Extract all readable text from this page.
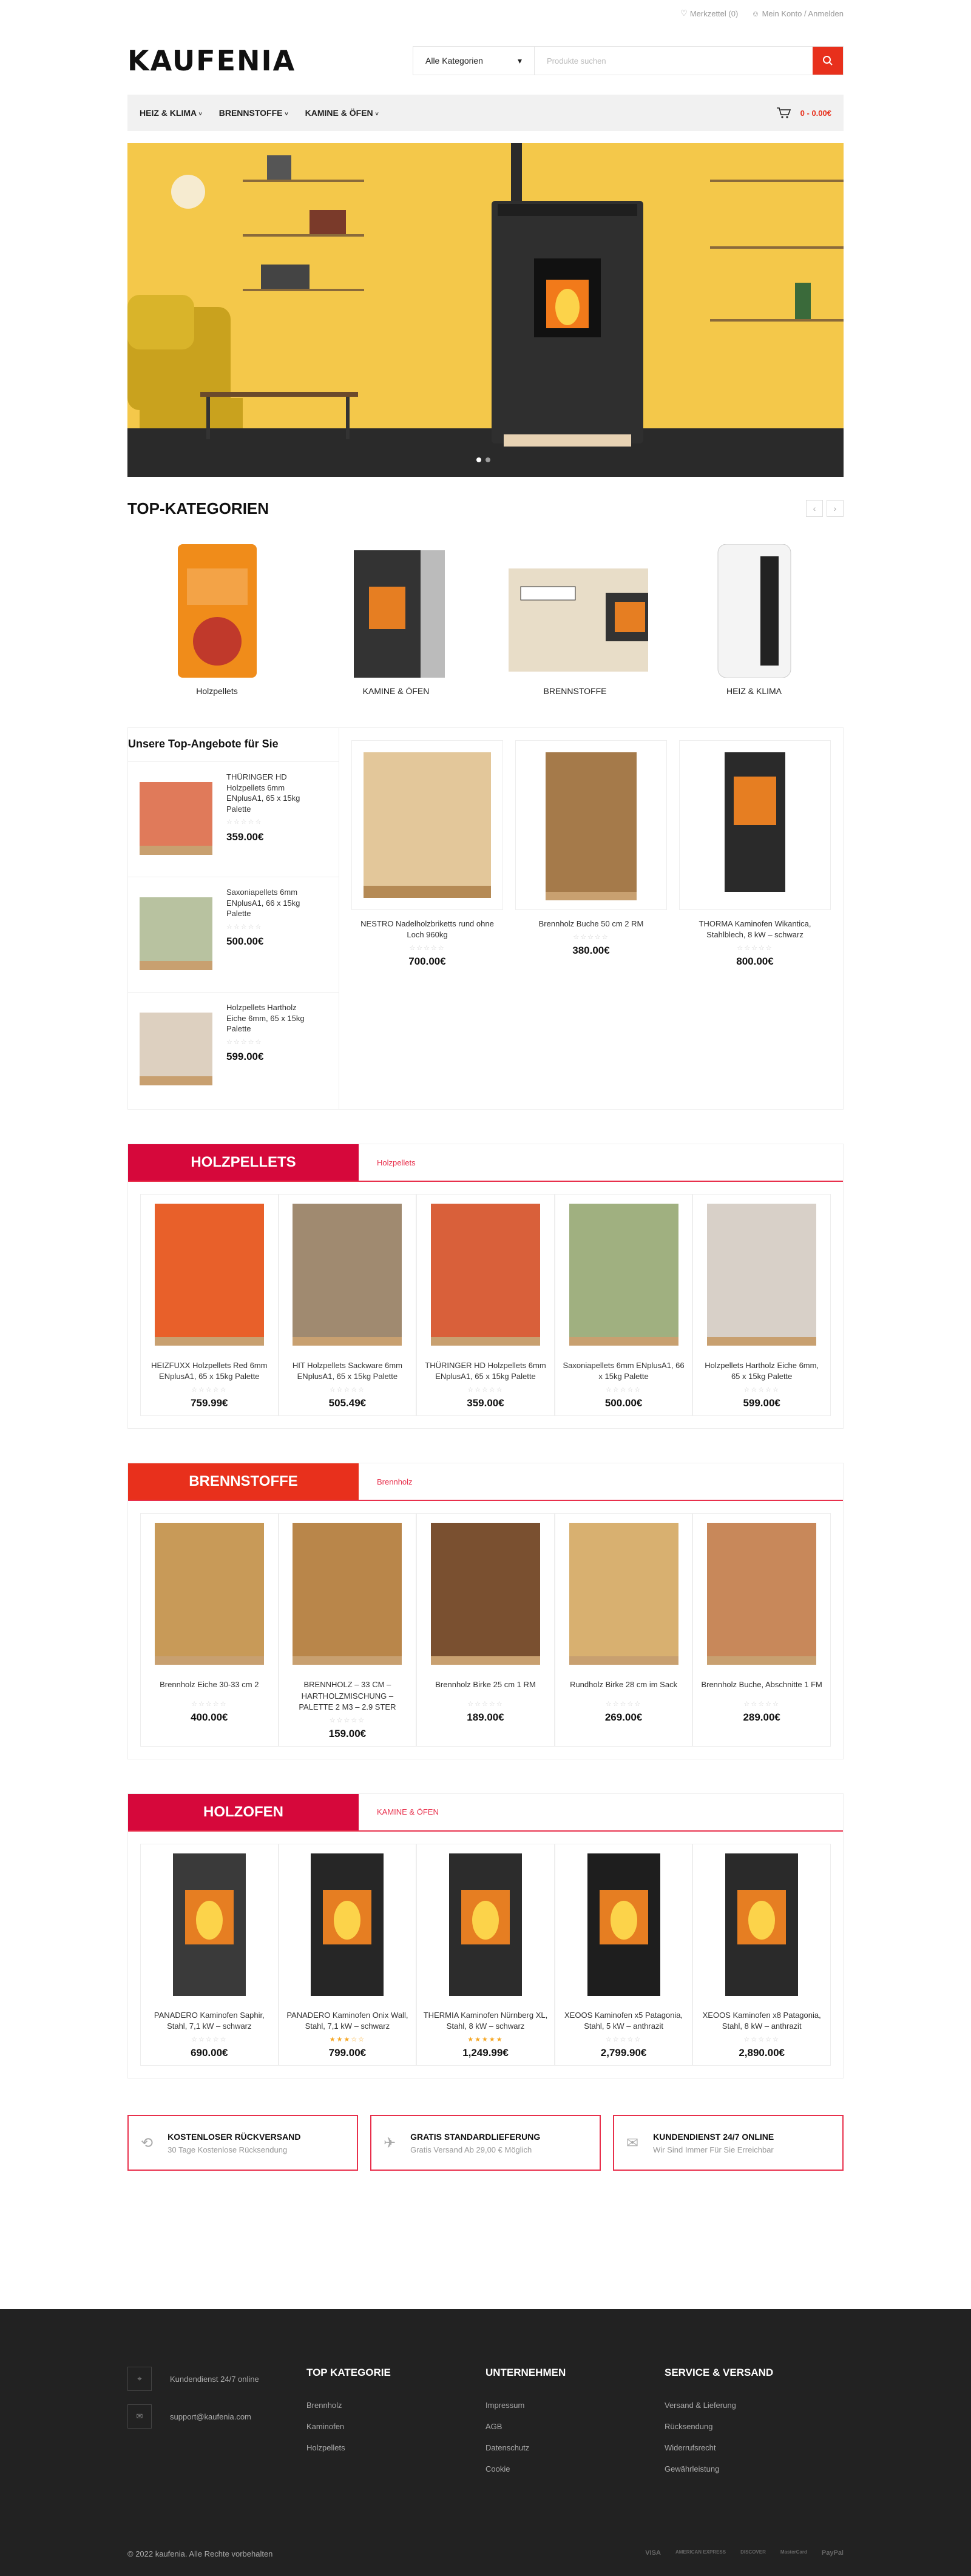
♡ Merkzettel (0) ☺ Mein Konto / Anmelden
KAUFENIA	Alle Kategorien	▾	Produkte suchen
HEIZ & KLIMA ˅ BRENNSTOFFE ˅ KAMINE & ÖFEN ˅	0 - 0.00€
TOP-KATEGORIEN	‹	›
Holzpellets	KAMINE & ÖFEN	BRENNSTOFFE	HEIZ & KLIMA
Unsere Top-Angebote für Sie
THÜRINGER HD Holzpellets 6mm ENplusA1, 65 x 15kg Palette
☆☆☆☆☆
359.00€
Saxoniapellets 6mm ENplusA1, 66 x 15kg Palette
☆☆☆☆☆
500.00€
Holzpellets Hartholz Eiche 6mm, 65 x 15kg Palette
☆☆☆☆☆
599.00€
NESTRO Nadelholzbriketts rund ohne Loch 960kg
☆☆☆☆☆
700.00€
Brennholz Buche 50 cm 2 RM
☆☆☆☆☆
380.00€
THORMA Kaminofen Wikantica, Stahlblech, 8 kW – schwarz
☆☆☆☆☆
800.00€
HOLZPELLETS	Holzpellets
HEIZFUXX Holzpellets Red 6mm ENplusA1, 65 x 15kg Palette
☆☆☆☆☆
759.99€
HIT Holzpellets Sackware 6mm ENplusA1, 65 x 15kg Palette
☆☆☆☆☆
505.49€
THÜRINGER HD Holzpellets 6mm ENplusA1, 65 x 15kg Palette
☆☆☆☆☆
359.00€
Saxoniapellets 6mm ENplusA1, 66 x 15kg Palette
☆☆☆☆☆
500.00€
Holzpellets Hartholz Eiche 6mm, 65 x 15kg Palette
☆☆☆☆☆
599.00€
BRENNSTOFFE	Brennholz
Brennholz Eiche 30-33 cm 2
☆☆☆☆☆
400.00€
BRENNHOLZ – 33 CM – HARTHOLZMISCHUNG – PALETTE 2 M3 – 2.9 STER
☆☆☆☆☆
159.00€
Brennholz Birke 25 cm 1 RM
☆☆☆☆☆
189.00€
Rundholz Birke 28 cm im Sack
☆☆☆☆☆
269.00€
Brennholz Buche, Abschnitte 1 FM
☆☆☆☆☆
289.00€
HOLZOFEN	KAMINE & ÖFEN
PANADERO Kaminofen Saphir, Stahl, 7,1 kW – schwarz
☆☆☆☆☆
690.00€
PANADERO Kaminofen Onix Wall, Stahl, 7,1 kW – schwarz
★★★☆☆
799.00€
THERMIA Kaminofen Nürnberg XL, Stahl, 8 kW – schwarz
★★★★★
1,249.99€
XEOOS Kaminofen x5 Patagonia, Stahl, 5 kW – anthrazit
☆☆☆☆☆
2,799.90€
XEOOS Kaminofen x8 Patagonia, Stahl, 8 kW – anthrazit
☆☆☆☆☆
2,890.00€
⟲ KOSTENLOSER RÜCKVERSAND
30 Tage Kostenlose Rücksendung	✈ GRATIS STANDARDLIEFERUNG
Gratis Versand Ab 29,00 € Möglich	✉ KUNDENDIENST 24/7 ONLINE
Wir Sind Immer Für Sie Erreichbar
⌖	Kundendienst 24/7 online
✉	support@kaufenia.com
TOP KATEGORIE
Brennholz
Kaminofen
Holzpellets
UNTERNEHMEN
Impressum
AGB
Datenschutz
Cookie
SERVICE & VERSAND
Versand & Lieferung
Rücksendung
Widerrufsrecht
Gewährleistung
© 2022 kaufenia. Alle Rechte vorbehalten	VISA	AMERICAN EXPRESS	DISCOVER	MasterCard PayPal
